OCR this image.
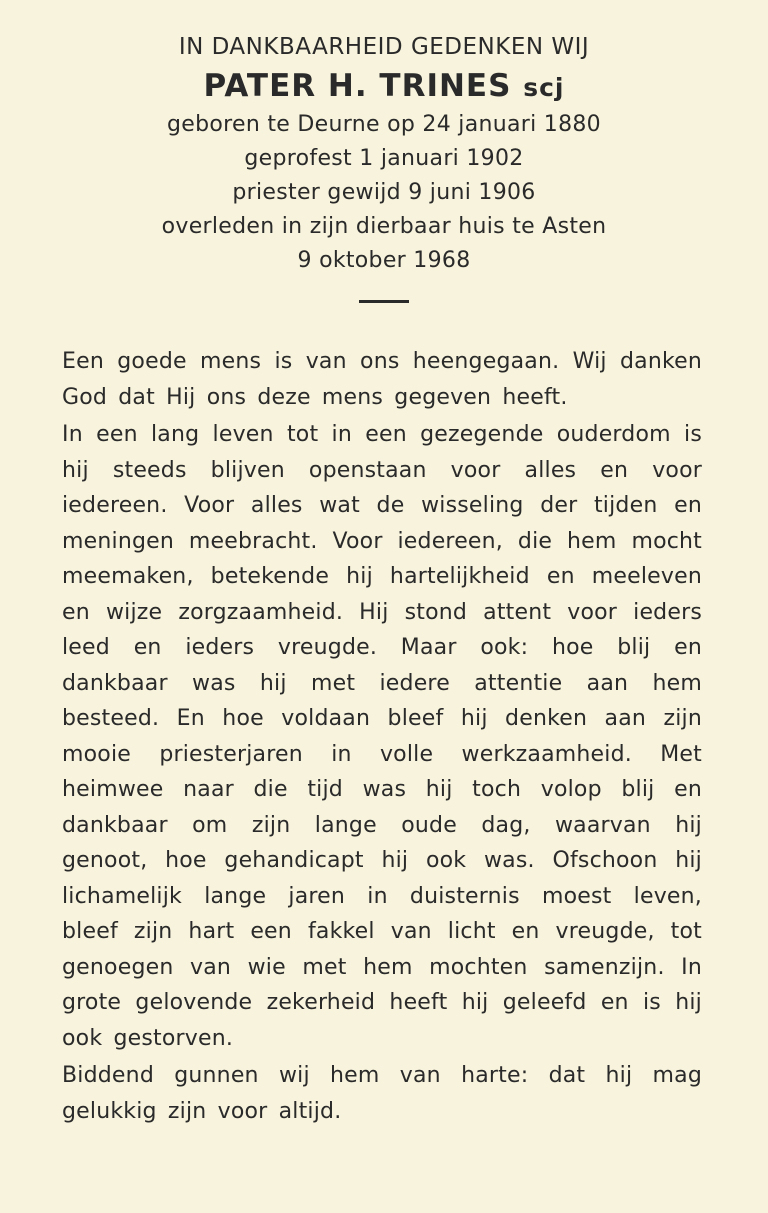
IN DANKBAARHEID GEDENKEN WIJ

PATER H. TRINES scj

geboren te Deurne op 24 januari 1880

geprofest 1 januari 1902

priester gewijd 9 juni 1906

overleden in zijn dierbaar huis te Asten

9 oktober 1968

Een goede mens is van ons heengegaan. Wij danken God dat Hij ons deze mens gegeven heeft.

In een lang leven tot in een gezegende ouderdom is hij steeds blijven openstaan voor alles en voor iedereen. Voor alles wat de wisseling der tijden en meningen meebracht. Voor iedereen, die hem mocht meemaken, betekende hij hartelijkheid en meeleven en wijze zorgzaamheid. Hij stond attent voor ieders leed en ieders vreugde. Maar ook: hoe blij en dankbaar was hij met iedere attentie aan hem besteed. En hoe voldaan bleef hij denken aan zijn mooie priesterjaren in volle werkzaamheid. Met heimwee naar die tijd was hij toch volop blij en dankbaar om zijn lange oude dag, waarvan hij genoot, hoe gehandicapt hij ook was. Ofschoon hij lichamelijk lange jaren in duisternis moest leven, bleef zijn hart een fakkel van licht en vreugde, tot genoegen van wie met hem mochten samenzijn. In grote gelovende zekerheid heeft hij geleefd en is hij ook gestorven.

Biddend gunnen wij hem van harte: dat hij mag gelukkig zijn voor altijd.
